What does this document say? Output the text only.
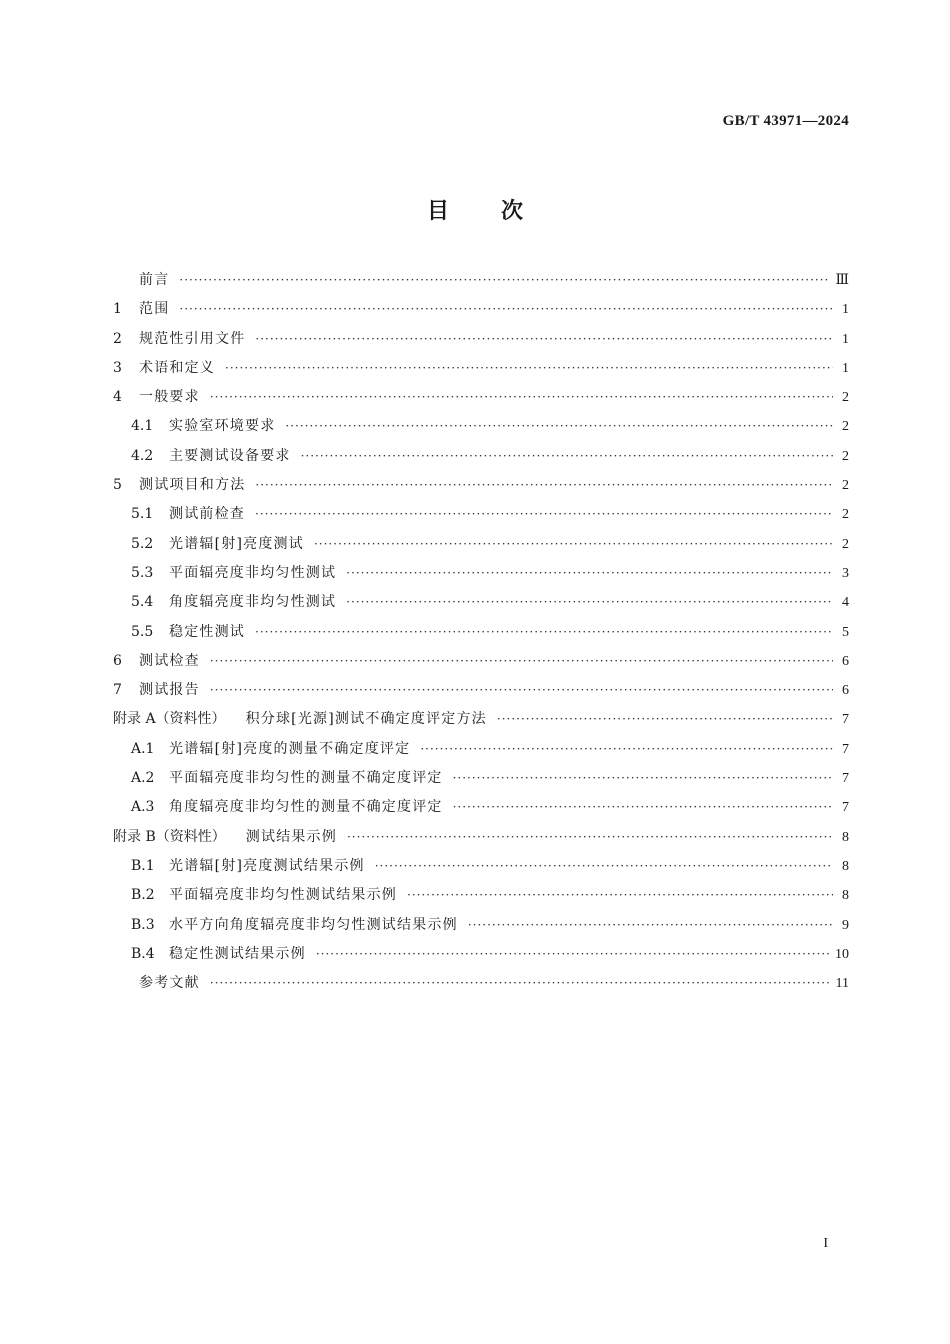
GB/T 43971—2024
目 次
前言 ·····	Ⅲ
1	范围 ·····	1
2	规范性引用文件 ·····	1
3	术语和定义 ·····	1
4	一般要求 ·····	2
4.1	实验室环境要求 ·····	2
4.2	主要测试设备要求 ·····	2
5	测试项目和方法 ·····	2
5.1	测试前检查 ·····	2
5.2	光谱辐[射]亮度测试 ·····	2
5.3	平面辐亮度非均匀性测试 ·····	3
5.4	角度辐亮度非均匀性测试 ·····	4
5.5	稳定性测试 ·····	5
6	测试检查 ·····	6
7	测试报告 ·····	6
附录 A（资料性） 积分球[光源]测试不确定度评定方法 ·····	7
A.1	光谱辐[射]亮度的测量不确定度评定 ·····	7
A.2	平面辐亮度非均匀性的测量不确定度评定 ·····	7
A.3	角度辐亮度非均匀性的测量不确定度评定 ·····	7
附录 B（资料性） 测试结果示例 ·····	8
B.1	光谱辐[射]亮度测试结果示例 ·····	8
B.2	平面辐亮度非均匀性测试结果示例 ·····	8
B.3	水平方向角度辐亮度非均匀性测试结果示例 ·····	9
B.4	稳定性测试结果示例 ·····	10
参考文献 ·····	11
I
